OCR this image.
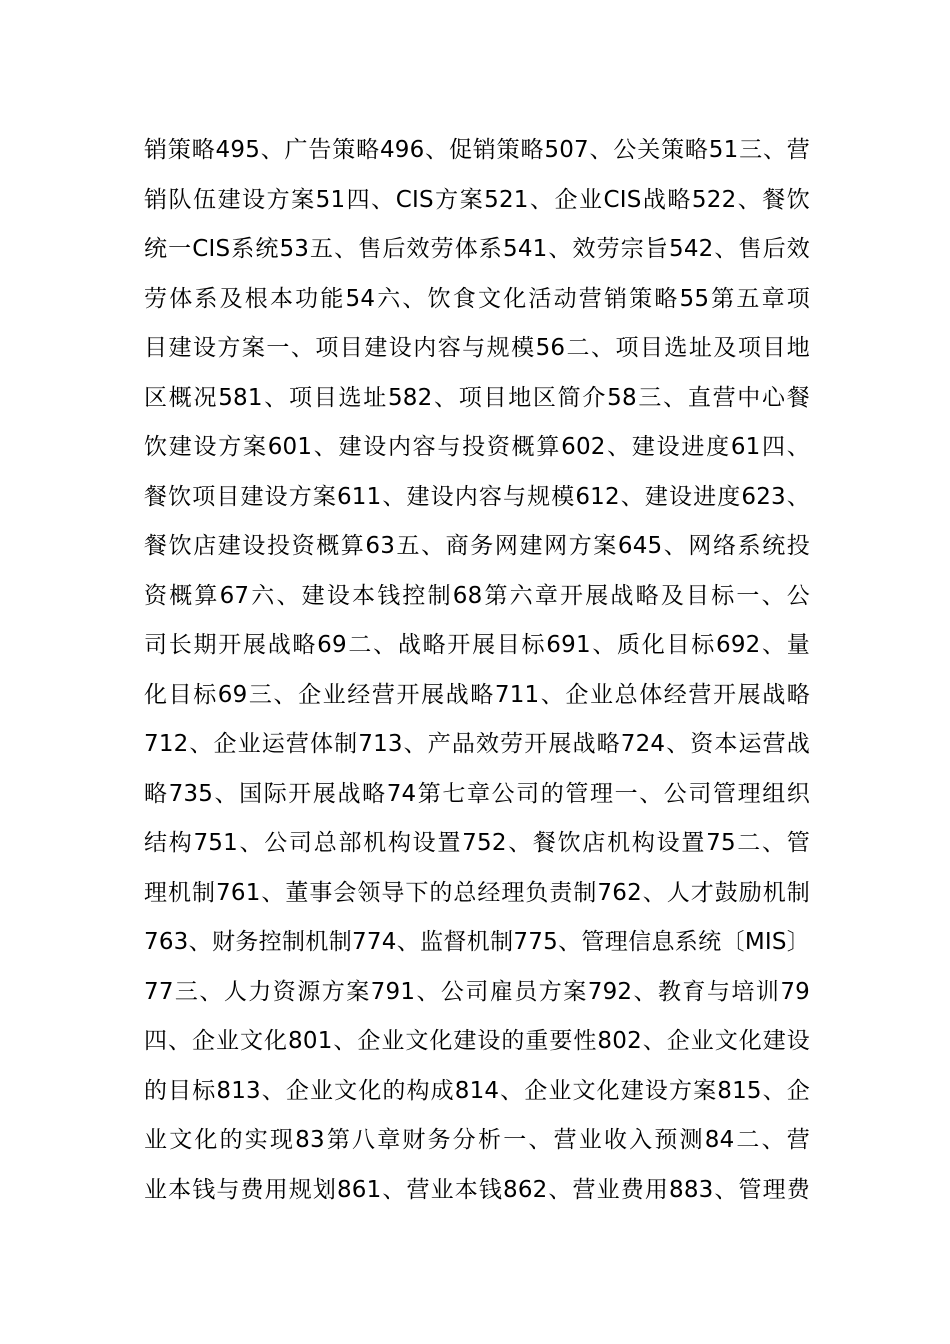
销策略495、广告策略496、促销策略507、公关策略51三、营
销队伍建设方案51四、CIS方案521、企业CIS战略522、餐饮
统一CIS系统53五、售后效劳体系541、效劳宗旨542、售后效
劳体系及根本功能54六、饮食文化活动营销策略55第五章项
目建设方案一、项目建设内容与规模56二、项目选址及项目地
区概况581、项目选址582、项目地区简介58三、直营中心餐
饮建设方案601、建设内容与投资概算602、建设进度61四、
餐饮项目建设方案611、建设内容与规模612、建设进度623、
餐饮店建设投资概算63五、商务网建网方案645、网络系统投
资概算67六、建设本钱控制68第六章开展战略及目标一、公
司长期开展战略69二、战略开展目标691、质化目标692、量
化目标69三、企业经营开展战略711、企业总体经营开展战略
712、企业运营体制713、产品效劳开展战略724、资本运营战
略735、国际开展战略74第七章公司的管理一、公司管理组织
结构751、公司总部机构设置752、餐饮店机构设置75二、管
理机制761、董事会领导下的总经理负责制762、人才鼓励机制
763、财务控制机制774、监督机制775、管理信息系统〔MIS〕
77三、人力资源方案791、公司雇员方案792、教育与培训79
四、企业文化801、企业文化建设的重要性802、企业文化建设
的目标813、企业文化的构成814、企业文化建设方案815、企
业文化的实现83第八章财务分析一、营业收入预测84二、营
业本钱与费用规划861、营业本钱862、营业费用883、管理费
